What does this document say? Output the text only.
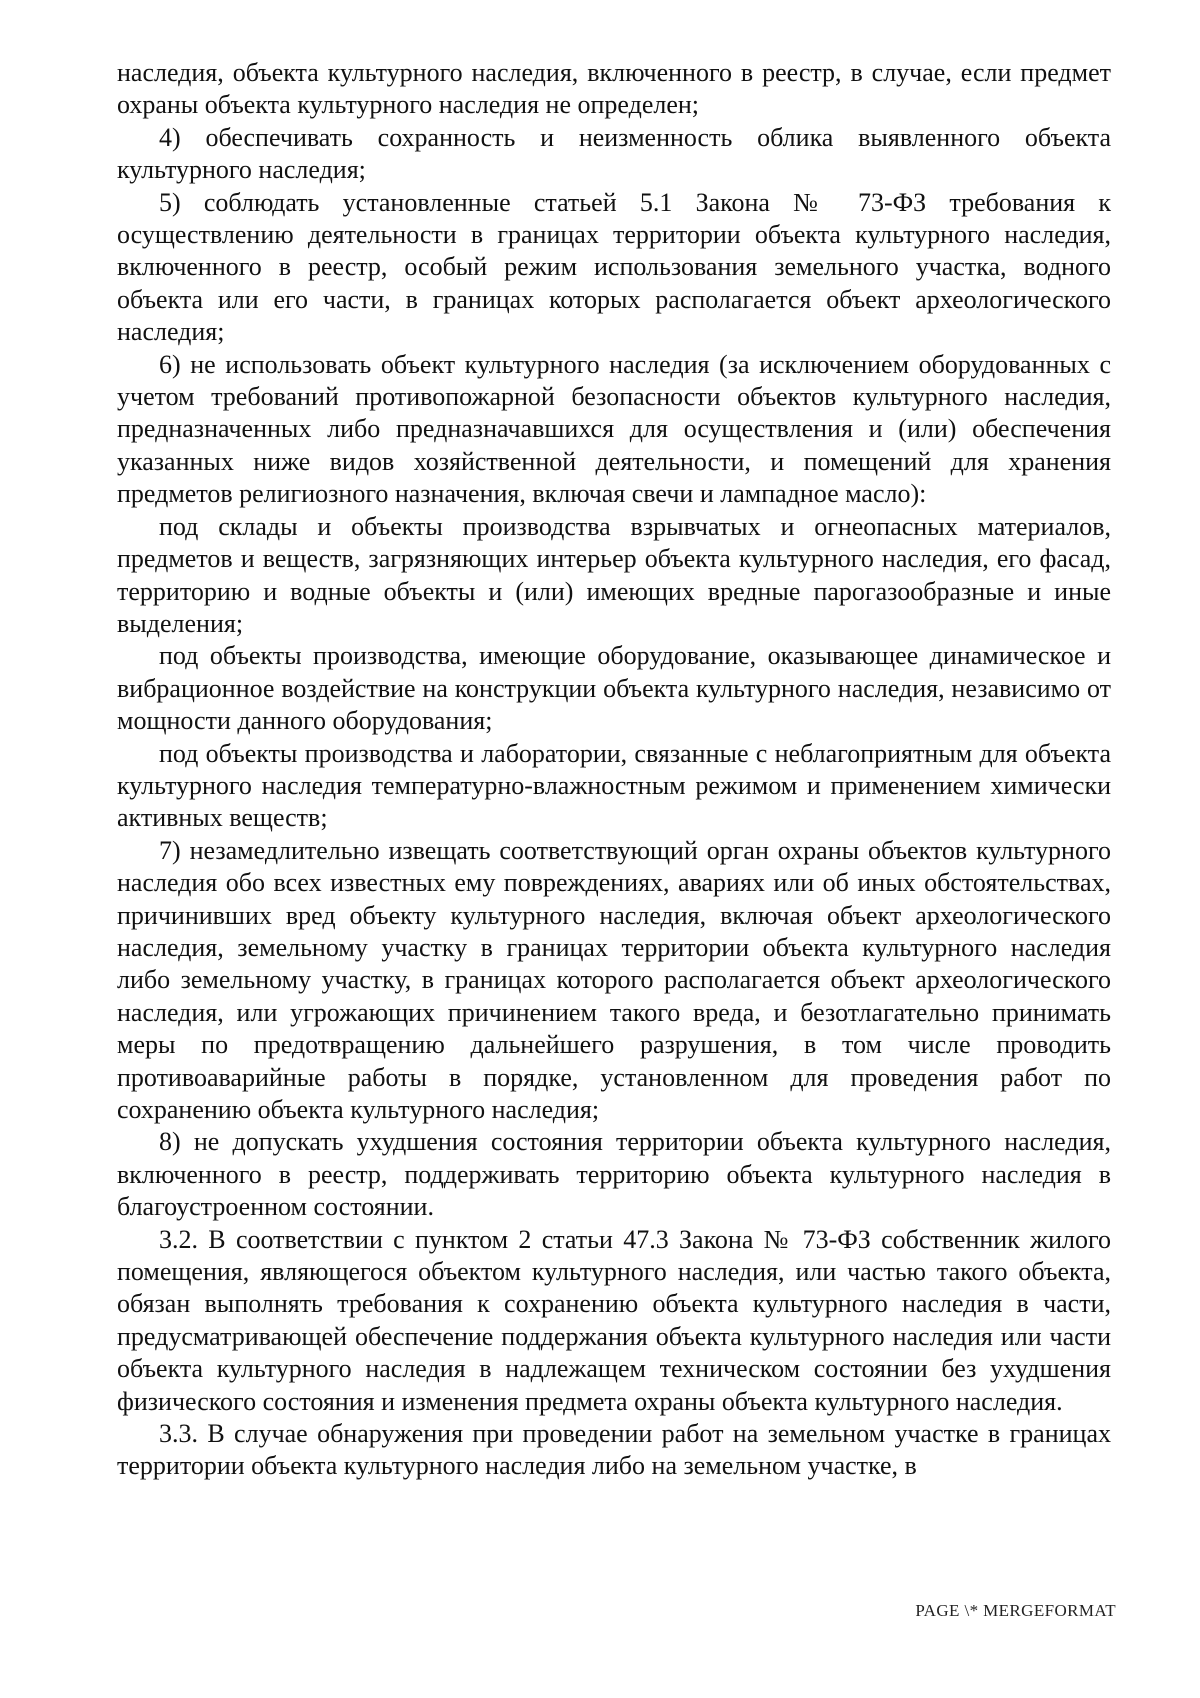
наследия, объекта культурного наследия, включенного в реестр, в случае, если предмет охраны объекта культурного наследия не определен;

4) обеспечивать сохранность и неизменность облика выявленного объекта культурного наследия;

5) соблюдать установленные статьей 5.1 Закона № 73-ФЗ требования к осуществлению деятельности в границах территории объекта культурного наследия, включенного в реестр, особый режим использования земельного участка, водного объекта или его части, в границах которых располагается объект археологического наследия;

6) не использовать объект культурного наследия (за исключением оборудованных с учетом требований противопожарной безопасности объектов культурного наследия, предназначенных либо предназначавшихся для осуществления и (или) обеспечения указанных ниже видов хозяйственной деятельности, и помещений для хранения предметов религиозного назначения, включая свечи и лампадное масло):

под склады и объекты производства взрывчатых и огнеопасных материалов, предметов и веществ, загрязняющих интерьер объекта культурного наследия, его фасад, территорию и водные объекты и (или) имеющих вредные парогазообразные и иные выделения;

под объекты производства, имеющие оборудование, оказывающее динамическое и вибрационное воздействие на конструкции объекта культурного наследия, независимо от мощности данного оборудования;

под объекты производства и лаборатории, связанные с неблагоприятным для объекта культурного наследия температурно-влажностным режимом и применением химически активных веществ;

7) незамедлительно извещать соответствующий орган охраны объектов культурного наследия обо всех известных ему повреждениях, авариях или об иных обстоятельствах, причинивших вред объекту культурного наследия, включая объект археологического наследия, земельному участку в границах территории объекта культурного наследия либо земельному участку, в границах которого располагается объект археологического наследия, или угрожающих причинением такого вреда, и безотлагательно принимать меры по предотвращению дальнейшего разрушения, в том числе проводить противоаварийные работы в порядке, установленном для проведения работ по сохранению объекта культурного наследия;

8) не допускать ухудшения состояния территории объекта культурного наследия, включенного в реестр, поддерживать территорию объекта культурного наследия в благоустроенном состоянии.

3.2. В соответствии с пунктом 2 статьи 47.3 Закона № 73-ФЗ собственник жилого помещения, являющегося объектом культурного наследия, или частью такого объекта, обязан выполнять требования к сохранению объекта культурного наследия в части, предусматривающей обеспечение поддержания объекта культурного наследия или части объекта культурного наследия в надлежащем техническом состоянии без ухудшения физического состояния и изменения предмета охраны объекта культурного наследия.

3.3. В случае обнаружения при проведении работ на земельном участке в границах территории объекта культурного наследия либо на земельном участке, в

PAGE \* MERGEFORMAT
